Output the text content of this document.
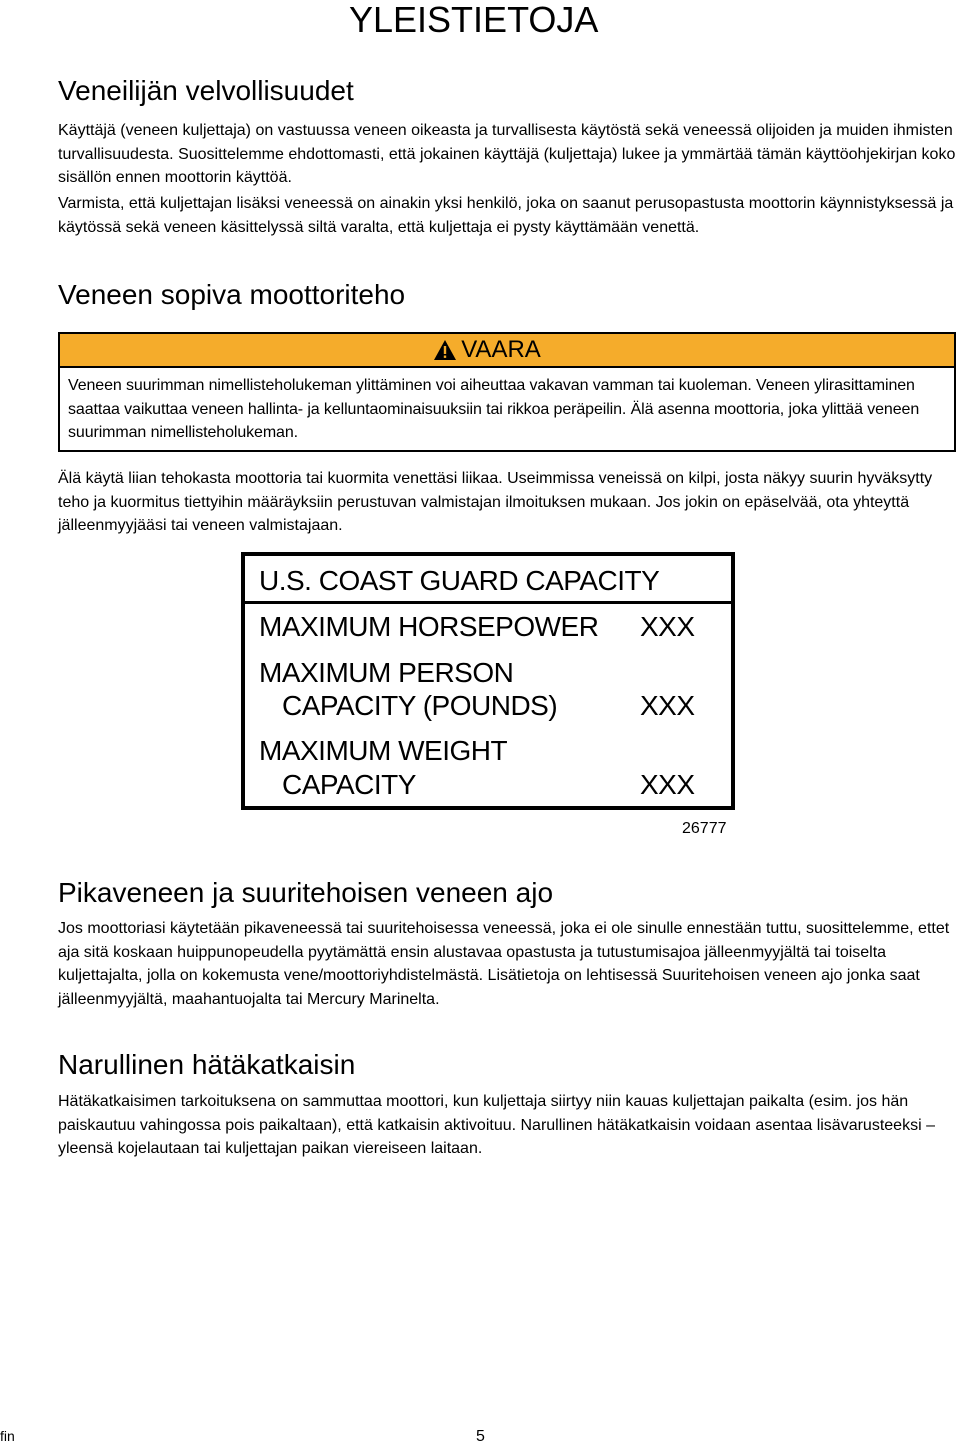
YLEISTIETOJA
Veneilijän velvollisuudet
Käyttäjä (veneen kuljettaja) on vastuussa veneen oikeasta ja turvallisesta käytöstä sekä veneessä olijoiden ja muiden ihmisten turvallisuudesta. Suosittelemme ehdottomasti, että jokainen käyttäjä (kuljettaja) lukee ja ymmärtää tämän käyttöohjekirjan koko sisällön ennen moottorin käyttöä.
Varmista, että kuljettajan lisäksi veneessä on ainakin yksi henkilö, joka on saanut perusopastusta moottorin käynnistyksessä ja käytössä sekä veneen käsittelyssä siltä varalta, että kuljettaja ei pysty käyttämään venettä.
Veneen sopiva moottoriteho
VAARA
Veneen suurimman nimellisteholukeman ylittäminen voi aiheuttaa vakavan vamman tai kuoleman. Veneen ylirasittaminen saattaa vaikuttaa veneen hallinta- ja kelluntaominaisuuksiin tai rikkoa peräpeilin. Älä asenna moottoria, joka ylittää veneen suurimman nimellisteholukeman.
Älä käytä liian tehokasta moottoria tai kuormita venettäsi liikaa. Useimmissa veneissä on kilpi, josta näkyy suurin hyväksytty teho ja kuormitus tiettyihin määräyksiin perustuvan valmistajan ilmoituksen mukaan. Jos jokin on epäselvää, ota yhteyttä jälleenmyyjääsi tai veneen valmistajaan.
U.S. COAST GUARD CAPACITY
MAXIMUM HORSEPOWER XXX
MAXIMUM PERSON
CAPACITY (POUNDS)	XXX
MAXIMUM WEIGHT
CAPACITY	XXX
26777
Pikaveneen ja suuritehoisen veneen ajo
Jos moottoriasi käytetään pikaveneessä tai suuritehoisessa veneessä, joka ei ole sinulle ennestään tuttu, suosittelemme, ettet aja sitä koskaan huippunopeudella pyytämättä ensin alustavaa opastusta ja tutustumisajoa jälleenmyyjältä tai toiselta kuljettajalta, jolla on kokemusta vene/moottoriyhdistelmästä. Lisätietoja on lehtisessä Suuritehoisen veneen ajo jonka saat jälleenmyyjältä, maahantuojalta tai Mercury Marinelta.
Narullinen hätäkatkaisin
Hätäkatkaisimen tarkoituksena on sammuttaa moottori, kun kuljettaja siirtyy niin kauas kuljettajan paikalta (esim. jos hän paiskautuu vahingossa pois paikaltaan), että katkaisin aktivoituu. Narullinen hätäkatkaisin voidaan asentaa lisävarusteeksi – yleensä kojelautaan tai kuljettajan paikan viereiseen laitaan.
fin	5
